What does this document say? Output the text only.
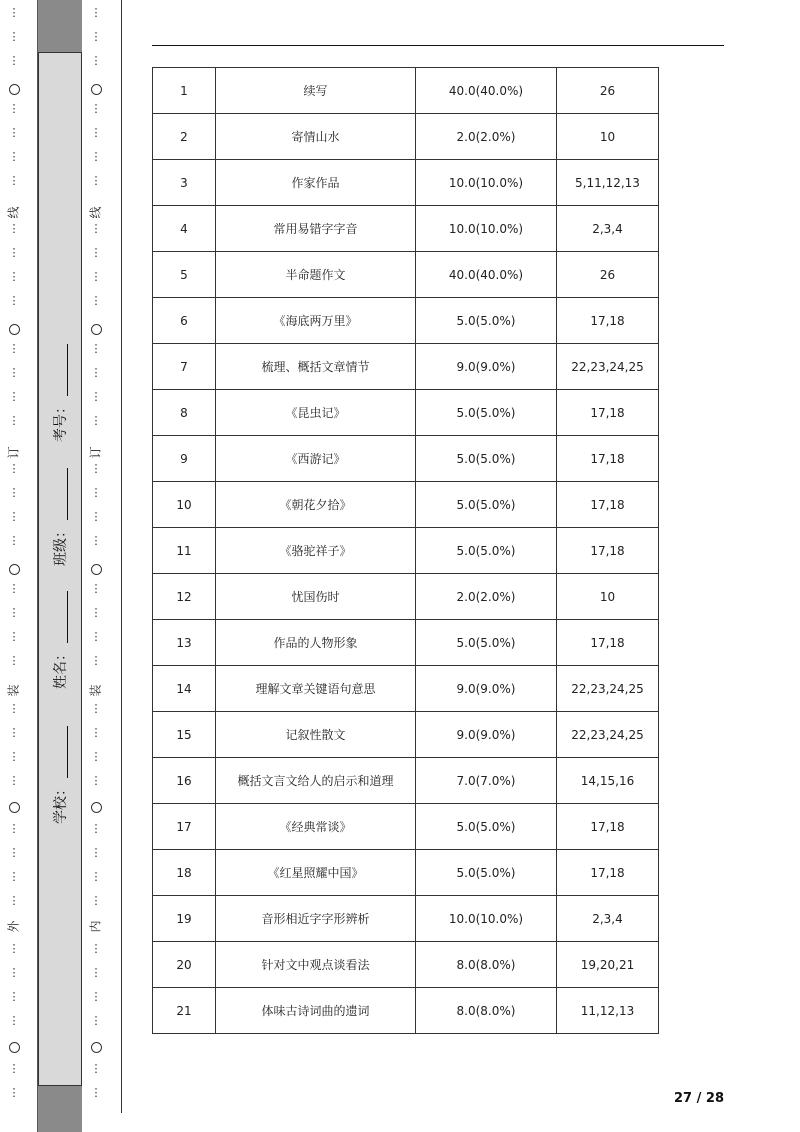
⋮
⋮
⋮
⋮
⋮
⋮
⋮
⋮
⋮
⋮
⋮
⋮
⋮
⋮
⋮
⋮
⋮
⋮
⋮
⋮
⋮
⋮
⋮
⋮
⋮
⋮
⋮
⋮
⋮
⋮
⋮
⋮
⋮
⋮
⋮
⋮
⋮
线
订
装
外
⋮
⋮
⋮
⋮
⋮
⋮
⋮
⋮
⋮
⋮
⋮
⋮
⋮
⋮
⋮
⋮
⋮
⋮
⋮
⋮
⋮
⋮
⋮
⋮
⋮
⋮
⋮
⋮
⋮
⋮
⋮
⋮
⋮
⋮
⋮
⋮
⋮
线
订
装
内
学校：
姓名：
班级：
考号：
1	续写	40.0(40.0%)	26
2	寄情山水	2.0(2.0%)	10
3	作家作品	10.0(10.0%)	5,11,12,13
4	常用易错字字音	10.0(10.0%)	2,3,4
5	半命题作文	40.0(40.0%)	26
6	《海底两万里》	5.0(5.0%)	17,18
7	梳理、概括文章情节	9.0(9.0%)	22,23,24,25
8	《昆虫记》	5.0(5.0%)	17,18
9	《西游记》	5.0(5.0%)	17,18
10	《朝花夕拾》	5.0(5.0%)	17,18
11	《骆驼祥子》	5.0(5.0%)	17,18
12	忧国伤时	2.0(2.0%)	10
13	作品的人物形象	5.0(5.0%)	17,18
14	理解文章关键语句意思	9.0(9.0%)	22,23,24,25
15	记叙性散文	9.0(9.0%)	22,23,24,25
16	概括文言文给人的启示和道理	7.0(7.0%)	14,15,16
17	《经典常谈》	5.0(5.0%)	17,18
18	《红星照耀中国》	5.0(5.0%)	17,18
19	音形相近字字形辨析	10.0(10.0%)	2,3,4
20	针对文中观点谈看法	8.0(8.0%)	19,20,21
21	体味古诗词曲的遗词	8.0(8.0%)	11,12,13
27 / 28
